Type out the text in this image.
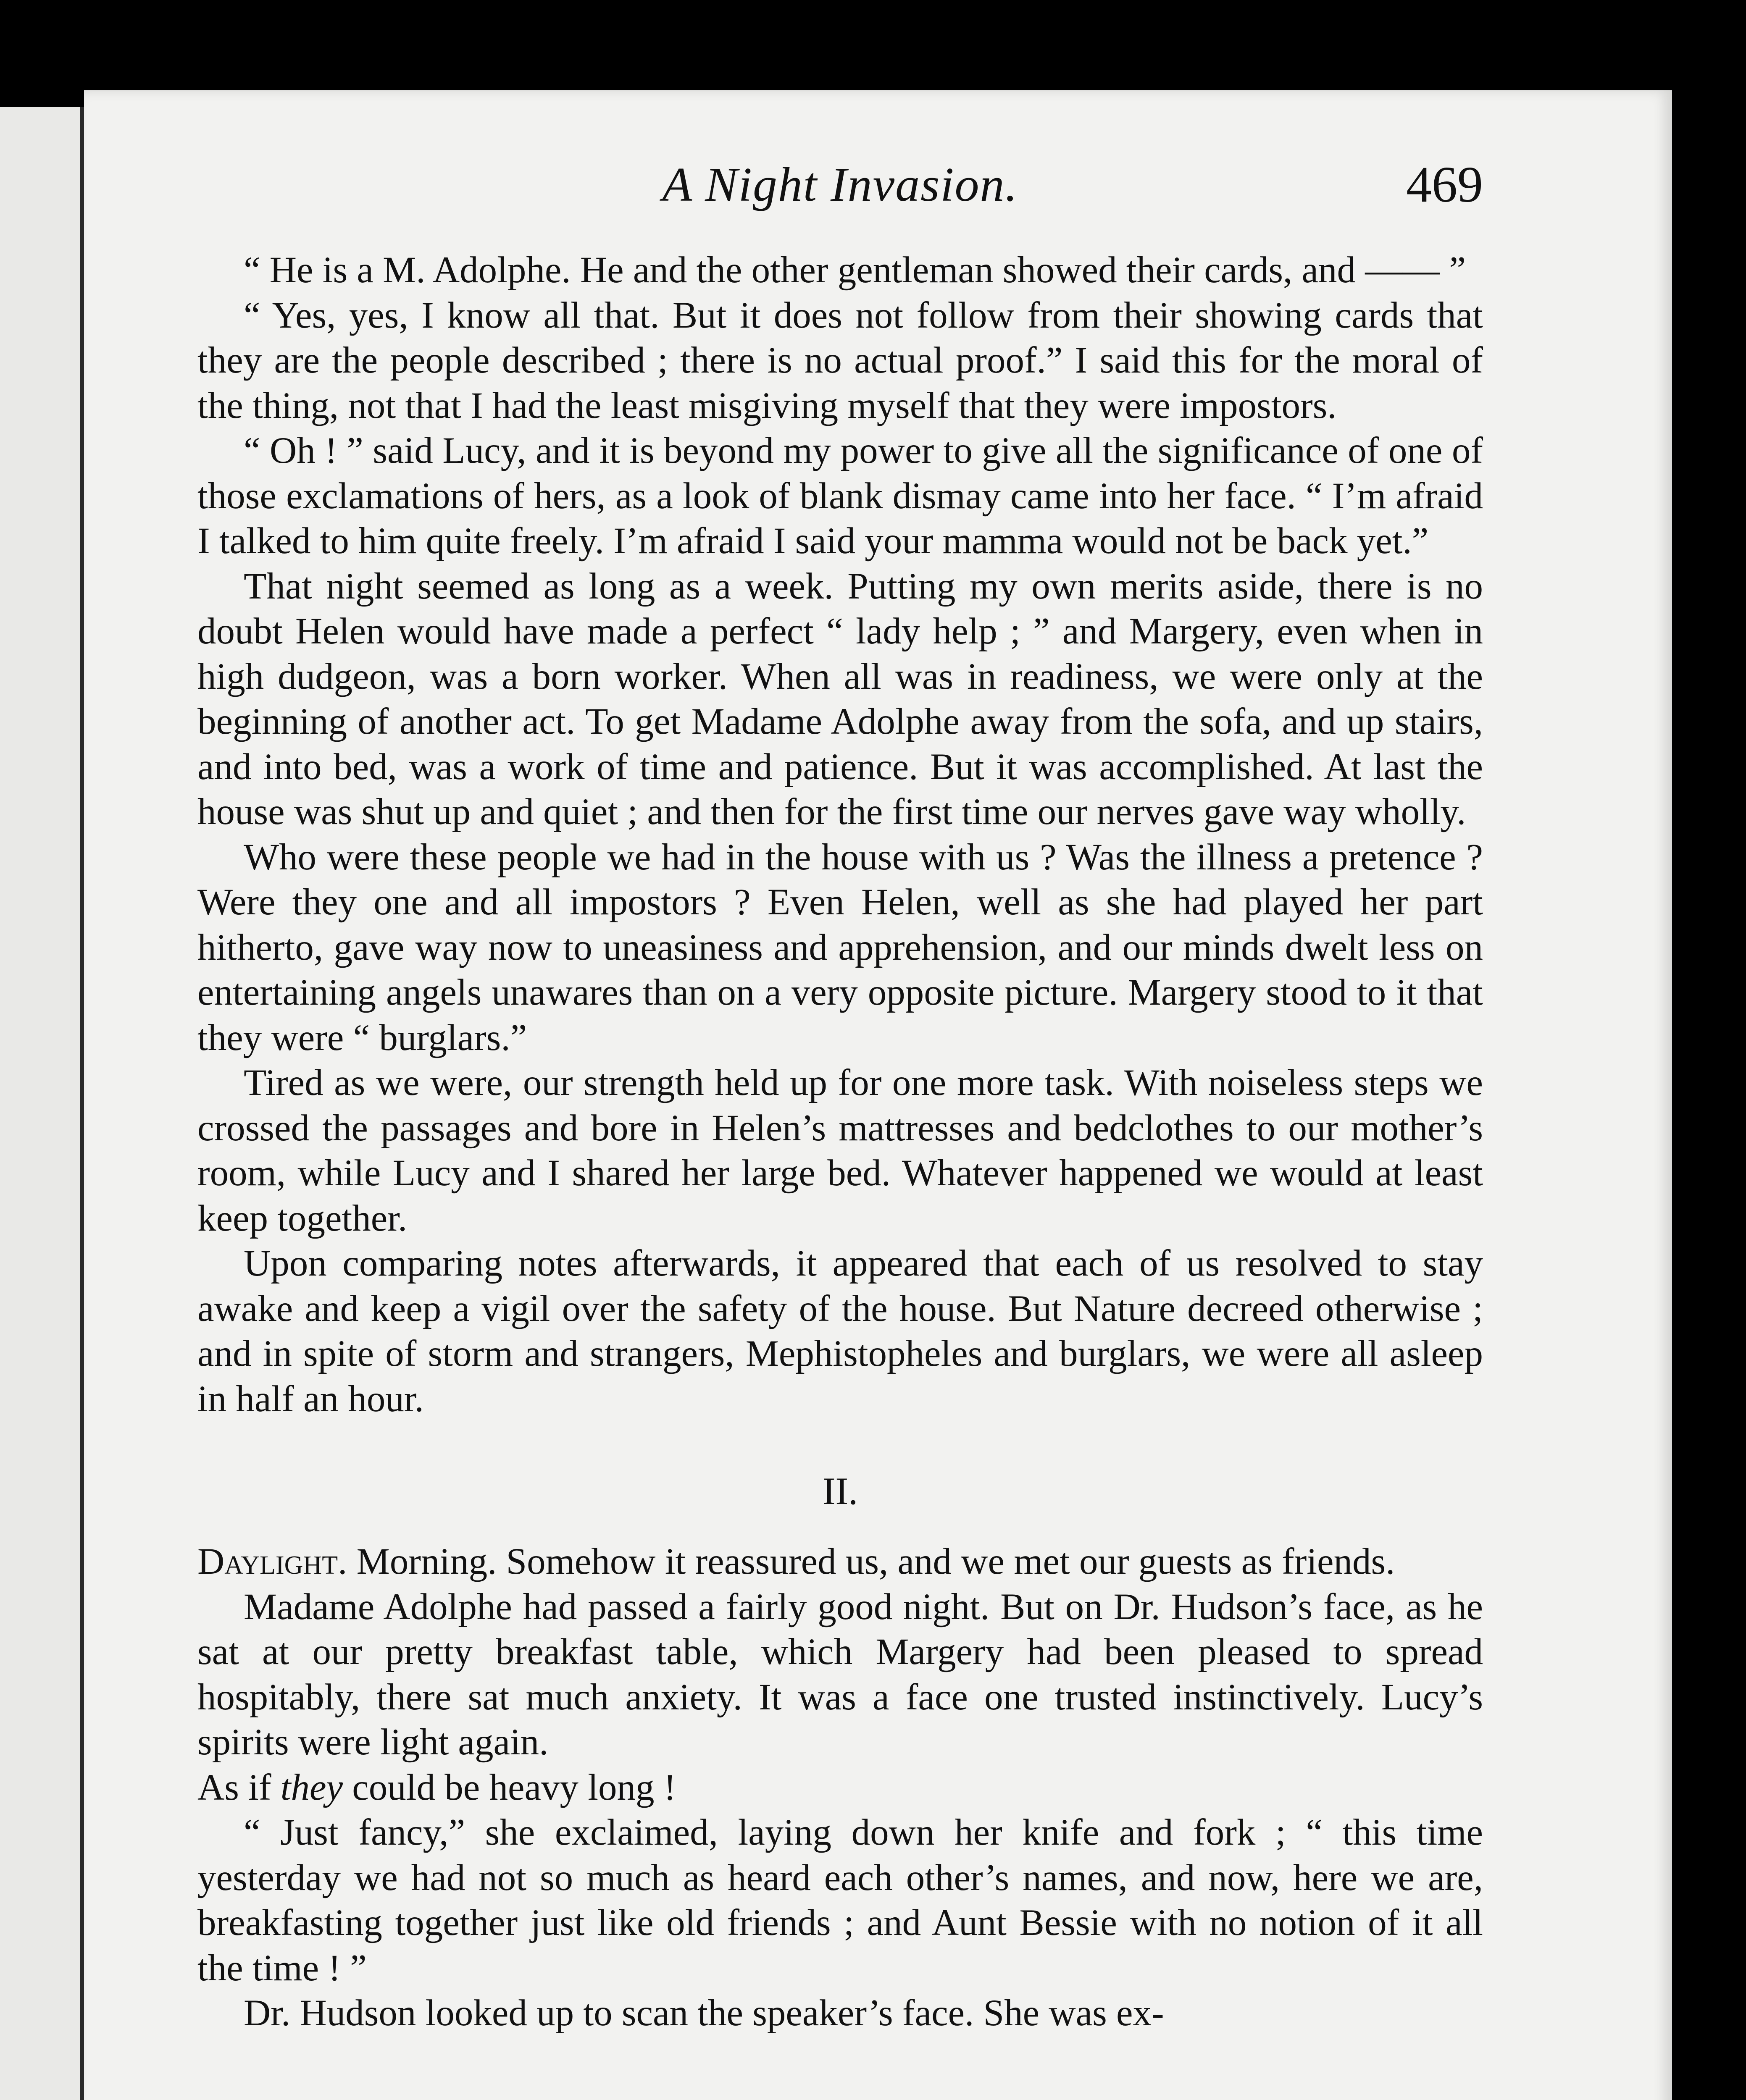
A Night Invasion.	469

“ He is a M. Adolphe. He and the other gentleman showed their cards, and —— ”

“ Yes, yes, I know all that. But it does not follow from their showing cards that they are the people described ; there is no actual proof.” I said this for the moral of the thing, not that I had the least misgiving myself that they were impostors.

“ Oh ! ” said Lucy, and it is beyond my power to give all the significance of one of those exclamations of hers, as a look of blank dismay came into her face. “ I’m afraid I talked to him quite freely. I’m afraid I said your mamma would not be back yet.”

That night seemed as long as a week. Putting my own merits aside, there is no doubt Helen would have made a perfect “ lady help ; ” and Margery, even when in high dudgeon, was a born worker. When all was in readiness, we were only at the beginning of another act. To get Madame Adolphe away from the sofa, and up stairs, and into bed, was a work of time and patience. But it was accomplished. At last the house was shut up and quiet ; and then for the first time our nerves gave way wholly.

Who were these people we had in the house with us ? Was the illness a pretence ? Were they one and all impostors ? Even Helen, well as she had played her part hitherto, gave way now to uneasiness and apprehension, and our minds dwelt less on entertaining angels unawares than on a very opposite picture. Margery stood to it that they were “ burglars.”

Tired as we were, our strength held up for one more task. With noiseless steps we crossed the passages and bore in Helen’s mattresses and bedclothes to our mother’s room, while Lucy and I shared her large bed. Whatever happened we would at least keep together.

Upon comparing notes afterwards, it appeared that each of us resolved to stay awake and keep a vigil over the safety of the house. But Nature decreed otherwise ; and in spite of storm and strangers, Mephistopheles and burglars, we were all asleep in half an hour.

II.

Daylight. Morning. Somehow it reassured us, and we met our guests as friends.

Madame Adolphe had passed a fairly good night. But on Dr. Hudson’s face, as he sat at our pretty breakfast table, which Margery had been pleased to spread hospitably, there sat much anxiety. It was a face one trusted instinctively. Lucy’s spirits were light again.

As if they could be heavy long !

“ Just fancy,” she exclaimed, laying down her knife and fork ; “ this time yesterday we had not so much as heard each other’s names, and now, here we are, breakfasting together just like old friends ; and Aunt Bessie with no notion of it all the time ! ”

Dr. Hudson looked up to scan the speaker’s face. She was ex-
